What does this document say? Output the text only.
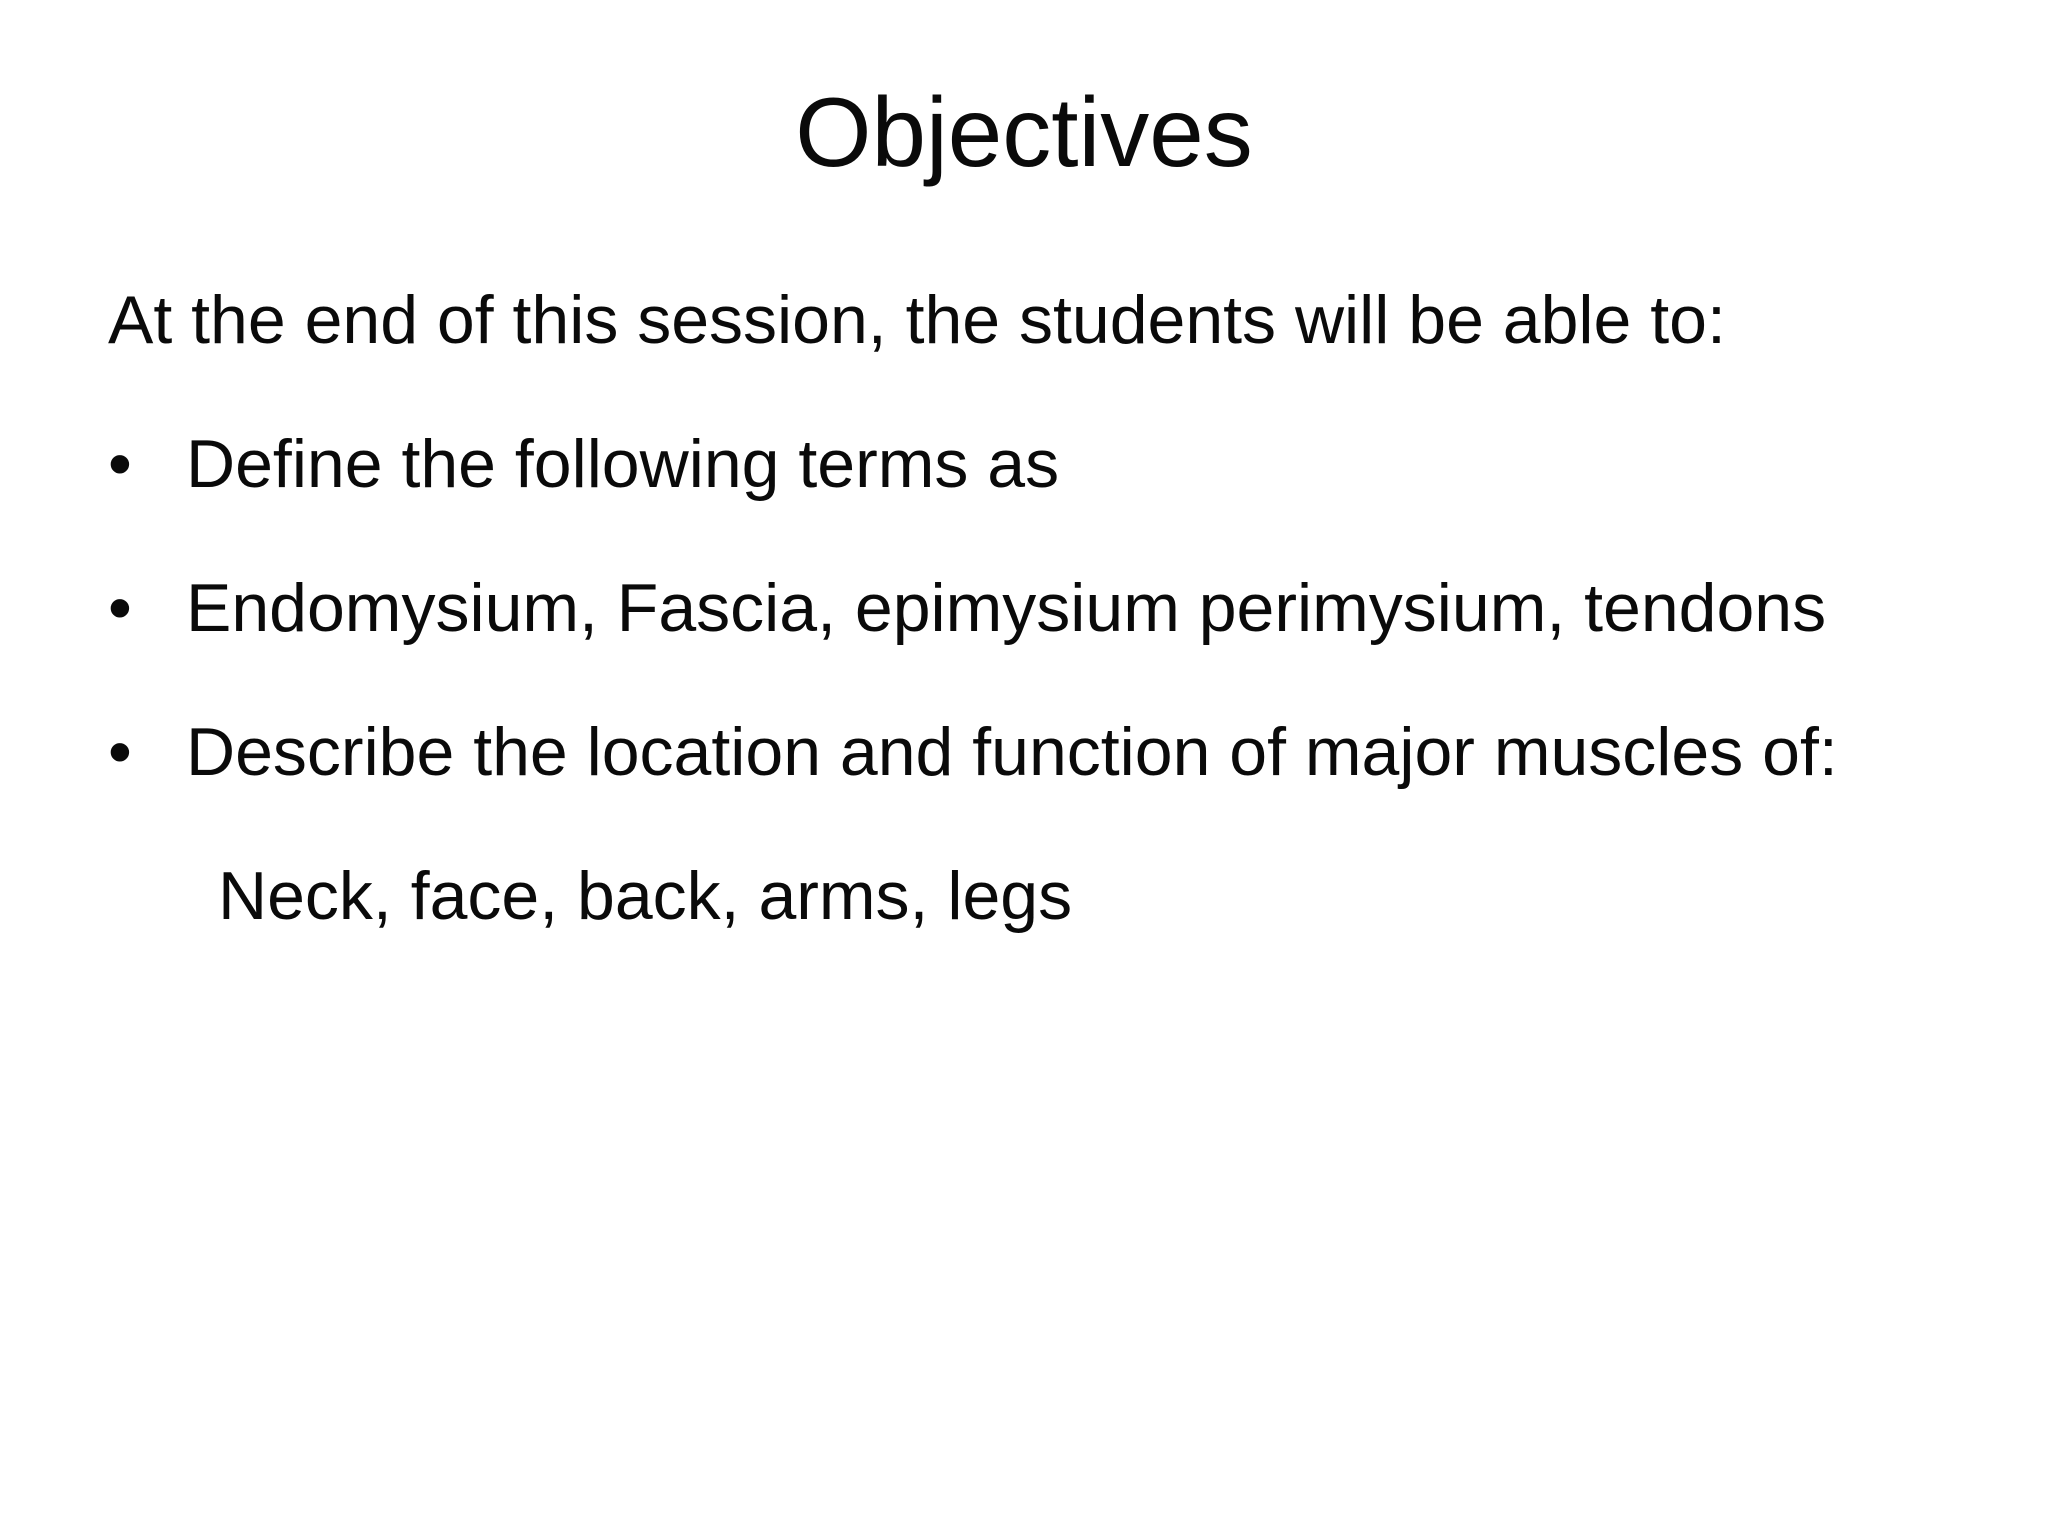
Objectives

At the end of this session, the students will be able to:

• Define the following terms as
• Endomysium, Fascia, epimysium perimysium, tendons
• Describe the location and function of major muscles of:

Neck, face, back, arms, legs
